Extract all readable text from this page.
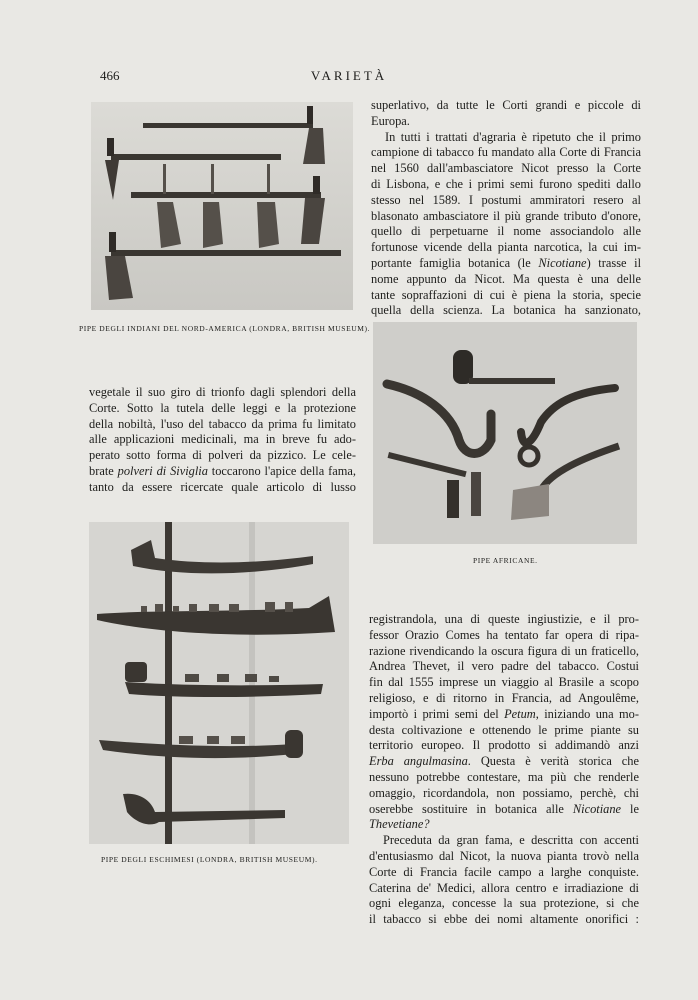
466	VARIETÀ
PIPE DEGLI INDIANI DEL NORD-AMERICA (LONDRA, BRITISH MUSEUM).
superlativo, da tutte le Corti grandi e piccole di
Europa.
In tutti i trattati d'agraria è ripetuto che il primo
campione di tabacco fu mandato alla Corte di Francia
nel 1560 dall'ambasciatore Nicot presso la Corte
di Lisbona, e che i primi semi furono spediti dallo
stesso nel 1589. I postumi ammiratori resero al
blasonato ambasciatore il più grande tributo d'onore,
quello di perpetuarne il nome associandolo alle
fortunose vicende della pianta narcotica, la cui im-
portante famiglia botanica (le Nicotiane) trasse il
nome appunto da Nicot. Ma questa è una delle
tante sopraffazioni di cui è piena la storia, specie
quella della scienza. La botanica ha sanzionato,
PIPE AFRICANE.
vegetale il suo giro di trionfo dagli splendori della
Corte. Sotto la tutela delle leggi e la protezione
della nobiltà, l'uso del tabacco da prima fu limitato
alle applicazioni medicinali, ma in breve fu ado-
perato sotto forma di polveri da pizzico. Le cele-
brate polveri di Siviglia toccarono l'apice della fama,
tanto da essere ricercate quale articolo di lusso
PIPE DEGLI ESCHIMESI (LONDRA, BRITISH MUSEUM).
registrandola, una di queste ingiustizie, e il pro-
fessor Orazio Comes ha tentato far opera di ripa-
razione rivendicando la oscura figura di un fraticello,
Andrea Thevet, il vero padre del tabacco. Costui
fin dal 1555 imprese un viaggio al Brasile a scopo
religioso, e di ritorno in Francia, ad Angoulême,
importò i primi semi del Petum, iniziando una mo-
desta coltivazione e ottenendo le prime piante su
territorio europeo. Il prodotto si addimandò anzi
Erba angulmasina. Questa è verità storica che
nessuno potrebbe contestare, ma più che renderle
omaggio, ricordandola, non possiamo, perchè, chi
oserebbe sostituire in botanica alle Nicotiane le
Thevetiane?
Preceduta da gran fama, e descritta con accenti
d'entusiasmo dal Nicot, la nuova pianta trovò nella
Corte di Francia facile campo a larghe conquiste.
Caterina de' Medici, allora centro e irradiazione di
ogni eleganza, concesse la sua protezione, si che
il tabacco si ebbe dei nomi altamente onorifici :
